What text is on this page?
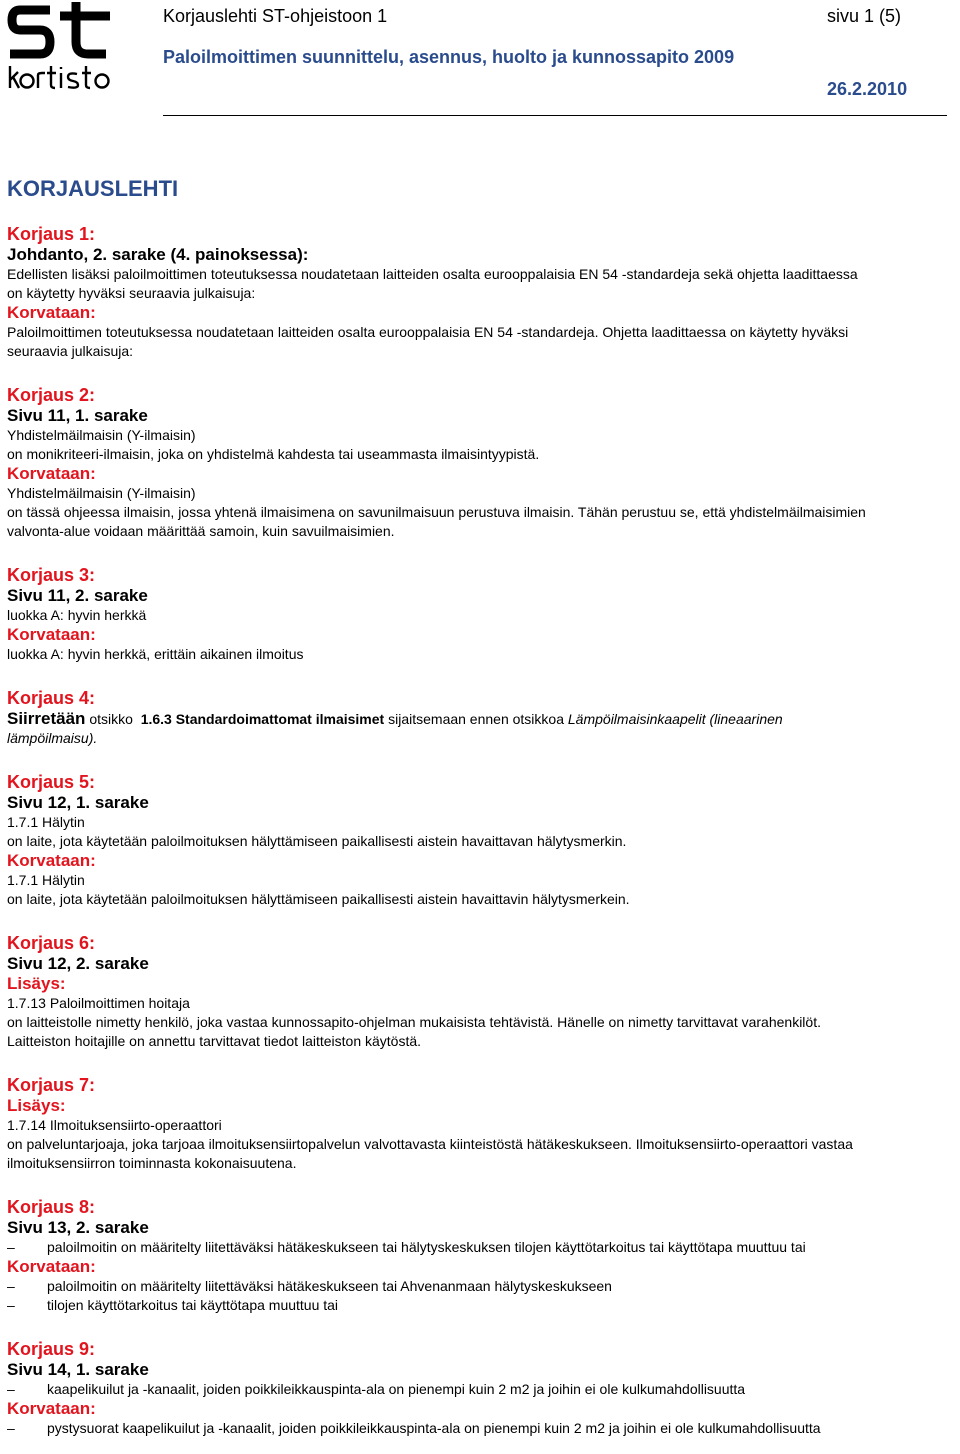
Korjauslehti ST-ohjeistoon 1	sivu 1 (5)
Paloilmoittimen suunnittelu, asennus, huolto ja kunnossapito 2009
26.2.2010
KORJAUSLEHTI
Korjaus 1:
Johdanto, 2. sarake (4. painoksessa):
Edellisten lisäksi paloilmoittimen toteutuksessa noudatetaan laitteiden osalta eurooppalaisia EN 54 -standardeja sekä ohjetta laadittaessa
on käytetty hyväksi seuraavia julkaisuja:
Korvataan:
Paloilmoittimen toteutuksessa noudatetaan laitteiden osalta eurooppalaisia EN 54 -standardeja. Ohjetta laadittaessa on käytetty hyväksi
seuraavia julkaisuja:
Korjaus 2:
Sivu 11, 1. sarake
Yhdistelmäilmaisin (Y-ilmaisin)
on monikriteeri-ilmaisin, joka on yhdistelmä kahdesta tai useammasta ilmaisintyypistä.
Korvataan:
Yhdistelmäilmaisin (Y-ilmaisin)
on tässä ohjeessa ilmaisin, jossa yhtenä ilmaisimena on savunilmaisuun perustuva ilmaisin. Tähän perustuu se, että yhdistelmäilmaisimien
valvonta-alue voidaan määrittää samoin, kuin savuilmaisimien.
Korjaus 3:
Sivu 11, 2. sarake
luokka A: hyvin herkkä
Korvataan:
luokka A: hyvin herkkä, erittäin aikainen ilmoitus
Korjaus 4:
Siirretään otsikko  1.6.3 Standardoimattomat ilmaisimet sijaitsemaan ennen otsikkoa Lämpöilmaisinkaapelit (lineaarinen
lämpöilmaisu).
Korjaus 5:
Sivu 12, 1. sarake
1.7.1 Hälytin
on laite, jota käytetään paloilmoituksen hälyttämiseen paikallisesti aistein havaittavan hälytysmerkin.
Korvataan:
1.7.1 Hälytin
on laite, jota käytetään paloilmoituksen hälyttämiseen paikallisesti aistein havaittavin hälytysmerkein.
Korjaus 6:
Sivu 12, 2. sarake
Lisäys:
1.7.13 Paloilmoittimen hoitaja
on laitteistolle nimetty henkilö, joka vastaa kunnossapito-ohjelman mukaisista tehtävistä. Hänelle on nimetty tarvittavat varahenkilöt.
Laitteiston hoitajille on annettu tarvittavat tiedot laitteiston käytöstä.
Korjaus 7:
Lisäys:
1.7.14 Ilmoituksensiirto-operaattori
on palveluntarjoaja, joka tarjoaa ilmoituksensiirtopalvelun valvottavasta kiinteistöstä hätäkeskukseen. Ilmoituksensiirto-operaattori vastaa
ilmoituksensiirron toiminnasta kokonaisuutena.
Korjaus 8:
Sivu 13, 2. sarake
–	paloilmoitin on määritelty liitettäväksi hätäkeskukseen tai hälytyskeskuksen tilojen käyttötarkoitus tai käyttötapa muuttuu tai
Korvataan:
–	paloilmoitin on määritelty liitettäväksi hätäkeskukseen tai Ahvenanmaan hälytyskeskukseen
–	tilojen käyttötarkoitus tai käyttötapa muuttuu tai
Korjaus 9:
Sivu 14, 1. sarake
–	kaapelikuilut ja -kanaalit, joiden poikkileikkauspinta-ala on pienempi kuin 2 m2 ja joihin ei ole kulkumahdollisuutta
Korvataan:
–	pystysuorat kaapelikuilut ja -kanaalit, joiden poikkileikkauspinta-ala on pienempi kuin 2 m2 ja joihin ei ole kulkumahdollisuutta
